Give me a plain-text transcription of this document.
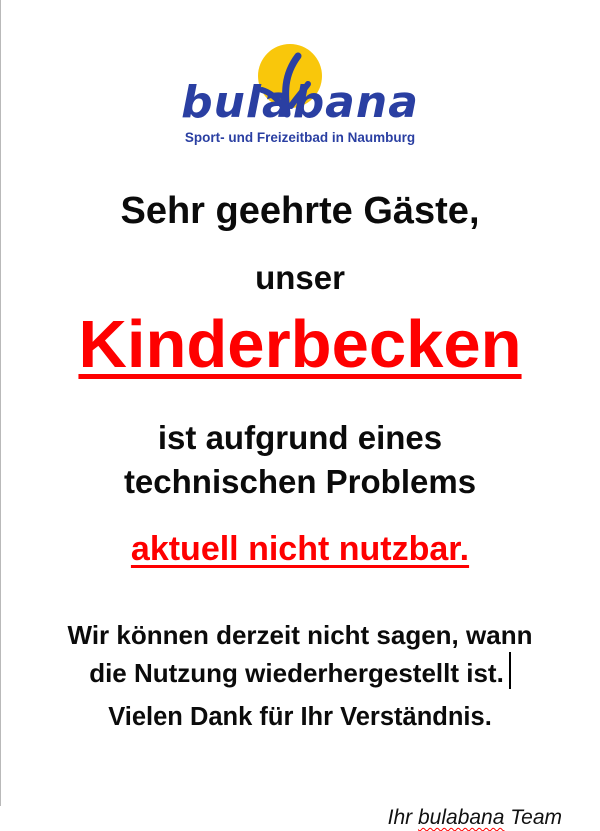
bulabana
Sport- und Freizeitbad in Naumburg
Sehr geehrte Gäste,
unser
Kinderbecken
ist aufgrund eines
technischen Problems
aktuell nicht nutzbar.
Wir können derzeit nicht sagen, wann
die Nutzung wiederhergestellt ist.
Vielen Dank für Ihr Verständnis.

Ihr bulabana Team
